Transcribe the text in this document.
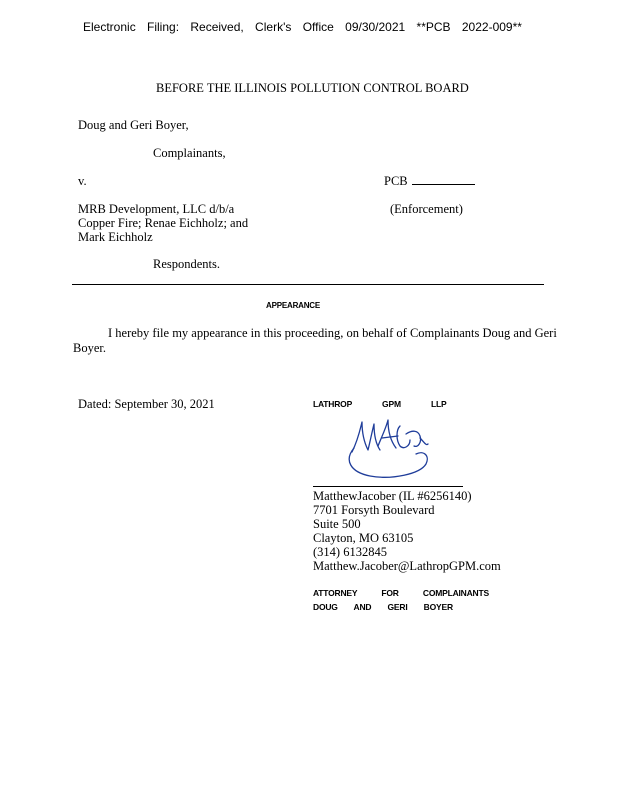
Electronic Filing: Received, Clerk's Office 09/30/2021 **PCB 2022-009**
BEFORE THE ILLINOIS POLLUTION CONTROL BOARD
Doug and Geri Boyer,
Complainants,
v.	PCB
MRB Development, LLC d/b/a
Copper Fire; Renae Eichholz; and
Mark Eichholz
(Enforcement)
Respondents.
APPEARANCE
I hereby file my appearance in this proceeding, on behalf of Complainants Doug and Geri
Boyer.
Dated: September 30, 2021	LATHROP GPM LLP
MatthewJacober (IL #6256140)
7701 Forsyth Boulevard
Suite 500
Clayton, MO 63105
(314) 6132845
Matthew.Jacober@LathropGPM.com
ATTORNEY FOR COMPLAINANTS
DOUG AND GERI BOYER
